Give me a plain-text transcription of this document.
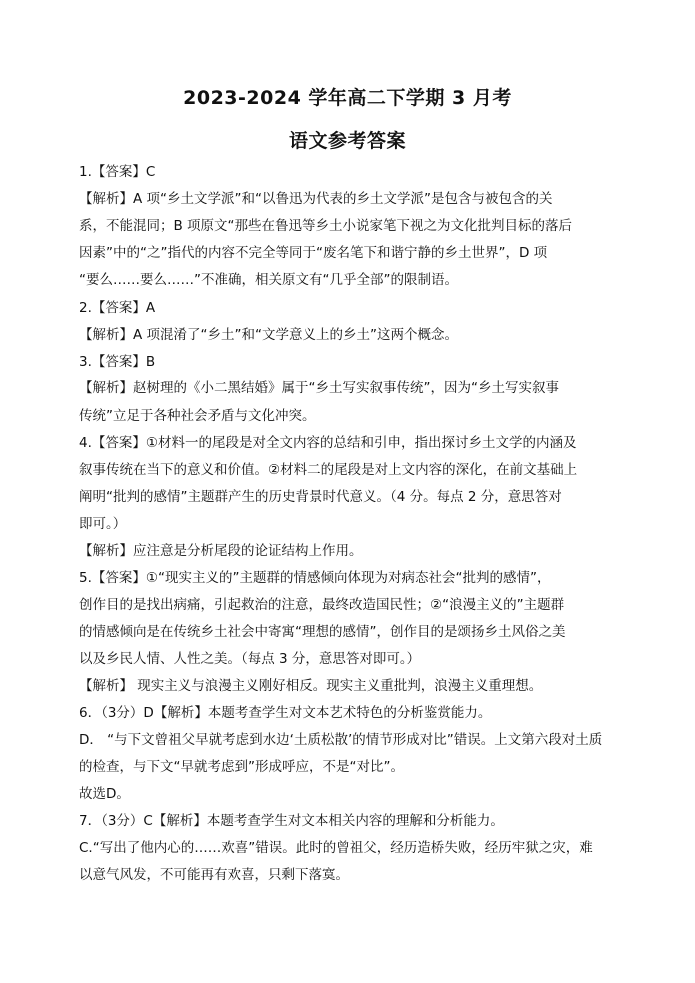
2023-2024 学年高二下学期 3 月考
语文参考答案
1.【答案】C
【解析】A 项“乡土文学派”和“以鲁迅为代表的乡土文学派”是包含与被包含的关
系，不能混同；B 项原文“那些在鲁迅等乡土小说家笔下视之为文化批判目标的落后
因素”中的“之”指代的内容不完全等同于“废名笔下和谐宁静的乡土世界”，D 项
“要么……要么……”不准确，相关原文有“几乎全部”的限制语。
2.【答案】A
【解析】A 项混淆了“乡土”和“文学意义上的乡土”这两个概念。
3.【答案】B
【解析】赵树理的《小二黑结婚》属于“乡土写实叙事传统”，因为“乡土写实叙事
传统”立足于各种社会矛盾与文化冲突。
4.【答案】①材料一的尾段是对全文内容的总结和引申，指出探讨乡土文学的内涵及
叙事传统在当下的意义和价值。②材料二的尾段是对上文内容的深化，在前文基础上
阐明“批判的感情”主题群产生的历史背景时代意义。（4 分。每点 2 分，意思答对
即可。）
【解析】应注意是分析尾段的论证结构上作用。
5.【答案】①“现实主义的”主题群的情感倾向体现为对病态社会“批判的感情”，
创作目的是找出病痛，引起救治的注意，最终改造国民性；②“浪漫主义的”主题群
的情感倾向是在传统乡土社会中寄寓“理想的感情”，创作目的是颂扬乡土风俗之美
以及乡民人情、人性之美。（每点 3 分，意思答对即可。）
【解析】 现实主义与浪漫主义刚好相反。现实主义重批判，浪漫主义重理想。
6．（3分）D【解析】本题考查学生对文本艺术特色的分析鉴赏能力。
D． “与下文曾祖父早就考虑到水边‘土质松散’的情节形成对比”错误。上文第六段对土质
的检查，与下文“早就考虑到”形成呼应，不是“对比”。
故选D。
7．（3分）C【解析】本题考查学生对文本相关内容的理解和分析能力。
C.“写出了他内心的……欢喜”错误。此时的曾祖父，经历造桥失败，经历牢狱之灾，难
以意气风发，不可能再有欢喜，只剩下落寞。
